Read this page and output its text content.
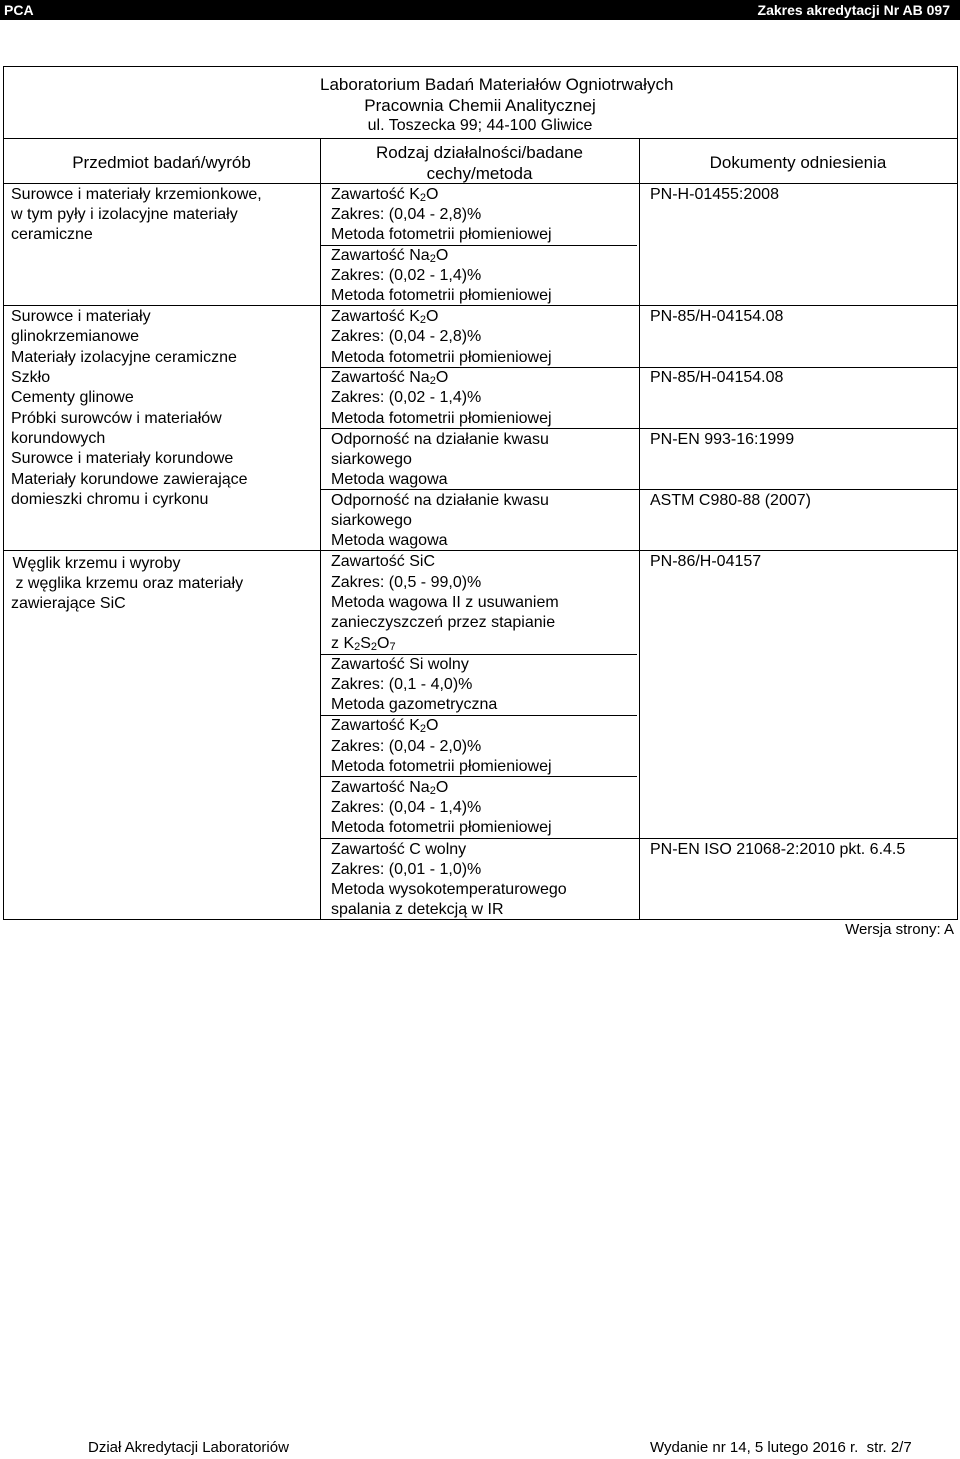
PCA	Zakres akredytacji Nr AB 097
Laboratorium Badań Materiałów Ogniotrwałych
Pracownia Chemii Analitycznej
ul. Toszecka 99; 44-100 Gliwice
Przedmiot badań/wyrób
Rodzaj działalności/badane
cechy/metoda
Dokumenty odniesienia
Surowce i materiały krzemionkowe,
w tym pyły i izolacyjne materiały
ceramiczne
Surowce i materiały
glinokrzemianowe
Materiały izolacyjne ceramiczne
Szkło
Cementy glinowe
Próbki surowców i materiałów
korundowych
Surowce i materiały korundowe
Materiały korundowe zawierające
domieszki chromu i cyrkonu
Węglik krzemu i wyroby
z węglika krzemu oraz materiały
zawierające SiC
Zawartość $K_2O$
Zakres: (0,04 - 2,8)%
Metoda fotometrii płomieniowej
Zawartość $Na_2O$
Zakres: (0,02 - 1,4)%
Metoda fotometrii płomieniowej
Zawartość $K_2O$
Zakres: (0,04 - 2,8)%
Metoda fotometrii płomieniowej
Zawartość $Na_2O$
Zakres: (0,02 - 1,4)%
Metoda fotometrii płomieniowej
Odporność na działanie kwasu
siarkowego
Metoda wagowa
Odporność na działanie kwasu
siarkowego
Metoda wagowa
Zawartość SiC
Zakres: (0,5 - 99,0)%
Metoda wagowa II z usuwaniem
zanieczyszczeń przez stapianie
z $K_2S_2O_7$
Zawartość Si wolny
Zakres: (0,1 - 4,0)%
Metoda gazometryczna
Zawartość $K_2O$
Zakres: (0,04 - 2,0)%
Metoda fotometrii płomieniowej
Zawartość $Na_2O$
Zakres: (0,04 - 1,4)%
Metoda fotometrii płomieniowej
Zawartość C wolny
Zakres: (0,01 - 1,0)%
Metoda wysokotemperaturowego
spalania z detekcją w IR
PN-H-01455:2008
PN-85/H-04154.08
PN-85/H-04154.08
PN-EN 993-16:1999
ASTM C980-88 (2007)
PN-86/H-04157
PN-EN ISO 21068-2:2010 pkt. 6.4.5
Wersja strony: A
Dział Akredytacji Laboratoriów	Wydanie nr 14, 5 lutego 2016 r.  str. 2/7
